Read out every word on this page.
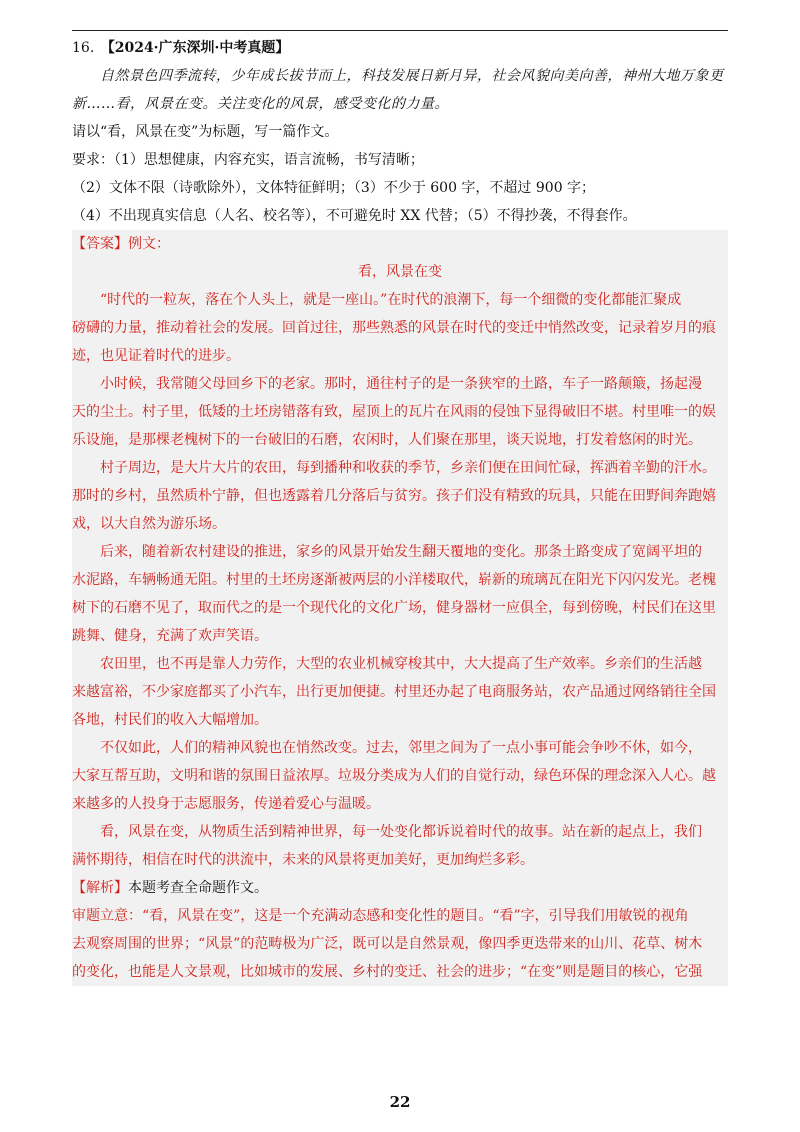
16. 【2024·广东深圳·中考真题】
自然景色四季流转，少年成长拔节而上，科技发展日新月异，社会风貌向美向善，神州大地万象更
新……看，风景在变。关注变化的风景，感受变化的力量。
请以“看，风景在变”为标题，写一篇作文。
要求：（1）思想健康，内容充实，语言流畅，书写清晰；
（2）文体不限（诗歌除外），文体特征鲜明；（3）不少于 600 字，不超过 900 字；
（4）不出现真实信息（人名、校名等），不可避免时 XX 代替；（5）不得抄袭，不得套作。
【答案】例文：
看，风景在变
“时代的一粒灰，落在个人头上，就是一座山。”在时代的浪潮下，每一个细微的变化都能汇聚成
磅礴的力量，推动着社会的发展。回首过往，那些熟悉的风景在时代的变迁中悄然改变，记录着岁月的痕
迹，也见证着时代的进步。
小时候，我常随父母回乡下的老家。那时，通往村子的是一条狭窄的土路，车子一路颠簸，扬起漫
天的尘土。村子里，低矮的土坯房错落有致，屋顶上的瓦片在风雨的侵蚀下显得破旧不堪。村里唯一的娱
乐设施，是那棵老槐树下的一台破旧的石磨，农闲时，人们聚在那里，谈天说地，打发着悠闲的时光。
村子周边，是大片大片的农田，每到播种和收获的季节，乡亲们便在田间忙碌，挥洒着辛勤的汗水。
那时的乡村，虽然质朴宁静，但也透露着几分落后与贫穷。孩子们没有精致的玩具，只能在田野间奔跑嬉
戏，以大自然为游乐场。
后来，随着新农村建设的推进，家乡的风景开始发生翻天覆地的变化。那条土路变成了宽阔平坦的
水泥路，车辆畅通无阻。村里的土坯房逐渐被两层的小洋楼取代，崭新的琉璃瓦在阳光下闪闪发光。老槐
树下的石磨不见了，取而代之的是一个现代化的文化广场，健身器材一应俱全，每到傍晚，村民们在这里
跳舞、健身，充满了欢声笑语。
农田里，也不再是靠人力劳作，大型的农业机械穿梭其中，大大提高了生产效率。乡亲们的生活越
来越富裕，不少家庭都买了小汽车，出行更加便捷。村里还办起了电商服务站，农产品通过网络销往全国
各地，村民们的收入大幅增加。
不仅如此，人们的精神风貌也在悄然改变。过去，邻里之间为了一点小事可能会争吵不休，如今，
大家互帮互助，文明和谐的氛围日益浓厚。垃圾分类成为人们的自觉行动，绿色环保的理念深入人心。越
来越多的人投身于志愿服务，传递着爱心与温暖。
看，风景在变，从物质生活到精神世界，每一处变化都诉说着时代的故事。站在新的起点上，我们
满怀期待，相信在时代的洪流中，未来的风景将更加美好，更加绚烂多彩。
【解析】本题考查全命题作文。
审题立意：“看，风景在变”，这是一个充满动态感和变化性的题目。“看”字，引导我们用敏锐的视角
去观察周围的世界；“风景”的范畴极为广泛，既可以是自然景观，像四季更迭带来的山川、花草、树木
的变化，也能是人文景观，比如城市的发展、乡村的变迁、社会的进步；“在变”则是题目的核心，它强
22
